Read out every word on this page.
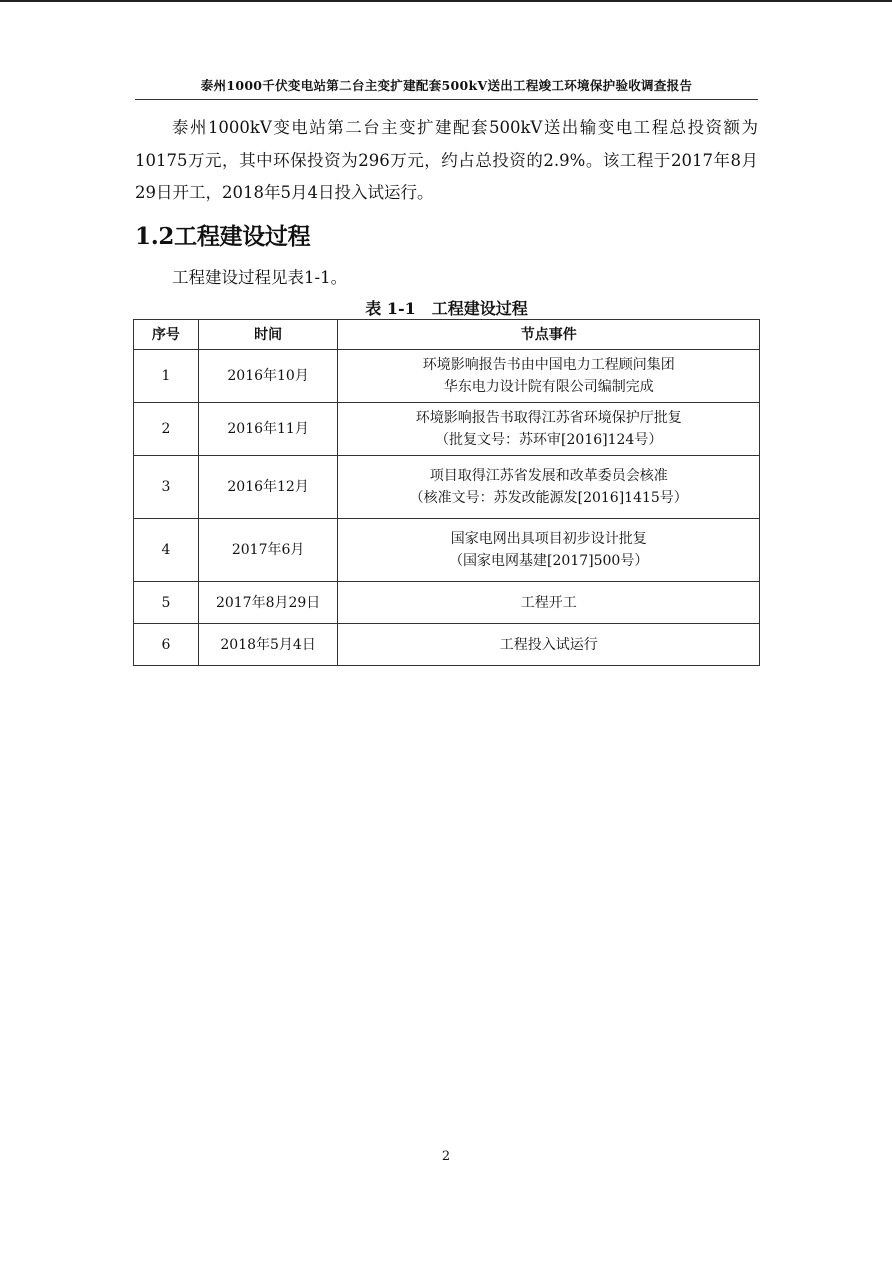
泰州1000千伏变电站第二台主变扩建配套500kV送出工程竣工环境保护验收调查报告

泰州1000kV变电站第二台主变扩建配套500kV送出输变电工程总投资额为10175万元，其中环保投资为296万元，约占总投资的2.9%。该工程于2017年8月29日开工，2018年5月4日投入试运行。

1.2工程建设过程

工程建设过程见表1-1。

表 1-1　工程建设过程

序号	时间	节点事件
1	2016年10月	环境影响报告书由中国电力工程顾问集团
华东电力设计院有限公司编制完成

2	2016年11月	环境影响报告书取得江苏省环境保护厅批复
（批复文号：苏环审[2016]124号）

3	2016年12月	项目取得江苏省发展和改革委员会核准
（核准文号：苏发改能源发[2016]1415号）

4	2017年6月	国家电网出具项目初步设计批复
（国家电网基建[2017]500号）

5	2017年8月29日	工程开工
6	2018年5月4日	工程投入试运行
2
